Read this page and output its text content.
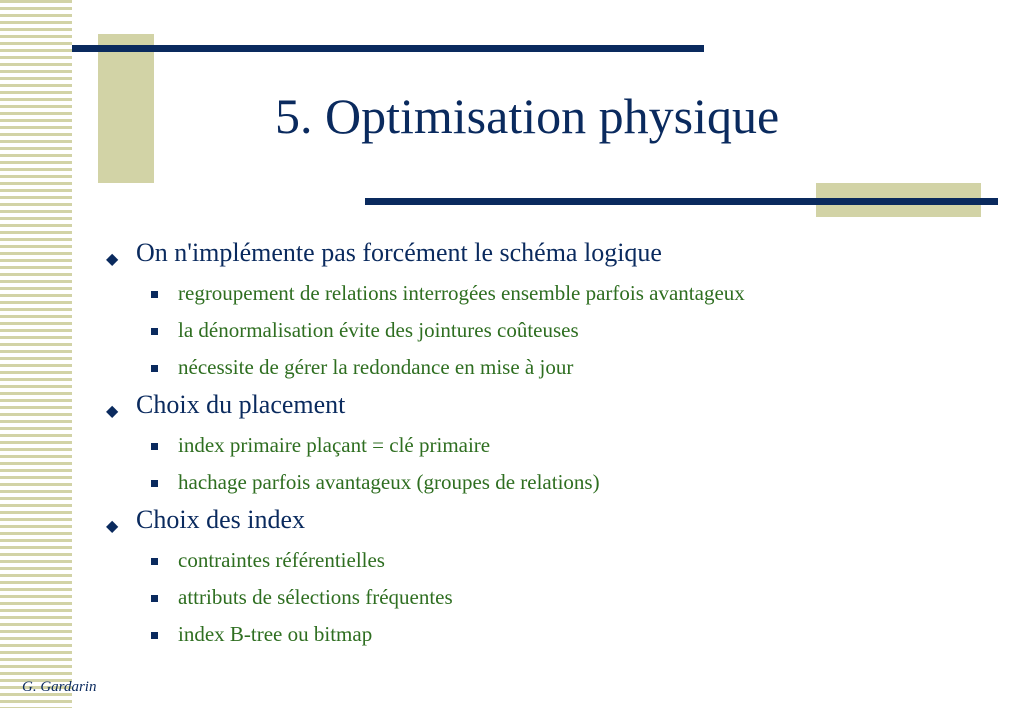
5. Optimisation physique
◆ On n'implémente pas forcément le schéma logique
regroupement de relations interrogées ensemble parfois avantageux
la dénormalisation évite des jointures coûteuses
nécessite de gérer la redondance en mise à jour
◆ Choix du placement
index primaire plaçant = clé primaire
hachage parfois avantageux (groupes de relations)
◆ Choix des index
contraintes référentielles
attributs de sélections fréquentes
index B-tree ou bitmap
G. Gardarin
